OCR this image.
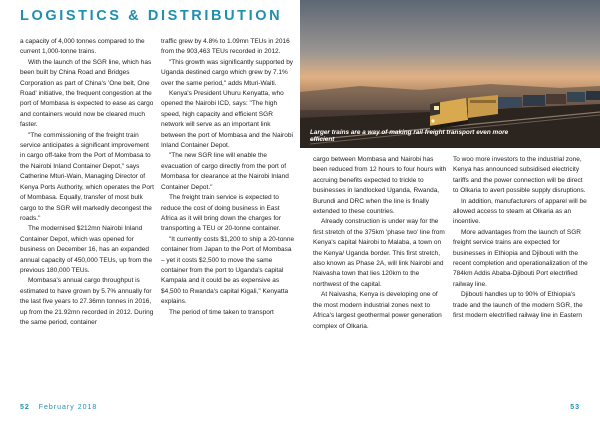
LOGISTICS & DISTRIBUTION

a capacity of 4,000 tonnes compared to the current 1,000-tonne trains.

With the launch of the SGR line, which has been built by China Road and Bridges Corporation as part of China's 'One belt, One Road' initiative, the frequent congestion at the port of Mombasa is expected to ease as cargo and containers would now be cleared much faster.

"The commissioning of the freight train service anticipates a significant improvement in cargo off-take from the Port of Mombasa to the Nairobi Inland Container Depot," says Catherine Mturi-Wain, Managing Director of Kenya Ports Authority, which operates the Port of Mombasa. Equally, transfer of most bulk cargo to the SGR will markedly decongest the roads."

The modernised $212mn Nairobi Inland Container Depot, which was opened for business on December 16, has an expanded annual capacity of 450,000 TEUs, up from the previous 180,000 TEUs.

Mombasa's annual cargo throughput is estimated to have grown by 5.7% annually for the last five years to 27.36mn tonnes in 2016, up from the 21.92mn recorded in 2012. During the same period, container

traffic grew by 4.8% to 1.09mn TEUs in 2016 from the 903,463 TEUs recorded in 2012.

"This growth was significantly supported by Uganda destined cargo which grew by 7.1% over the same period," adds Mturi-Waiti.

Kenya's President Uhuru Kenyatta, who opened the Nairobi ICD, says: "The high speed, high capacity and efficient SGR network will serve as an important link between the port of Mombasa and the Nairobi Inland Container Depot.

"The new SGR line will enable the evacuation of cargo directly from the port of Mombasa for clearance at the Nairobi Inland Container Depot."

The freight train service is expected to reduce the cost of doing business in East Africa as it will bring down the charges for transporting a TEU or 20-tonne container.

"It currently costs $1,200 to ship a 20-tonne container from Japan to the Port of Mombasa – yet it costs $2,500 to move the same container from the port to Uganda's capital Kampala and it could be as expensive as $4,500 to Rwanda's capital Kigali," Kenyatta explains.

The period of time taken to transport

Larger trains are a way of making rail freight transport even more efficient

cargo between Mombasa and Nairobi has been reduced from 12 hours to four hours with accruing benefits expected to trickle to businesses in landlocked Uganda, Rwanda, Burundi and DRC when the line is finally extended to these countries.

Already construction is under way for the first stretch of the 375km 'phase two' line from Kenya's capital Nairobi to Malaba, a town on the Kenya/ Uganda border. This first stretch, also known as Phase 2A, will link Nairobi and Naivasha town that lies 120km to the northwest of the capital.

At Naivasha, Kenya is developing one of the most modern industrial zones next to Africa's largest geothermal power generation complex of Olkaria.

To woo more investors to the industrial zone, Kenya has announced subsidised electricity tariffs and the power connection will be direct to Olkaria to avert possible supply disruptions.

In addition, manufacturers of apparel will be allowed access to steam at Olkaria as an incentive.

More advantages from the launch of SGR freight service trains are expected for businesses in Ethiopia and Djibouti with the recent completion and operationalization of the 784km Addis Ababa-Djibouti Port electrified railway line.

Djibouti handles up to 90% of Ethiopia's trade and the launch of the modern SGR, the first modern electrified railway line in Eastern

52 February 2018	53
